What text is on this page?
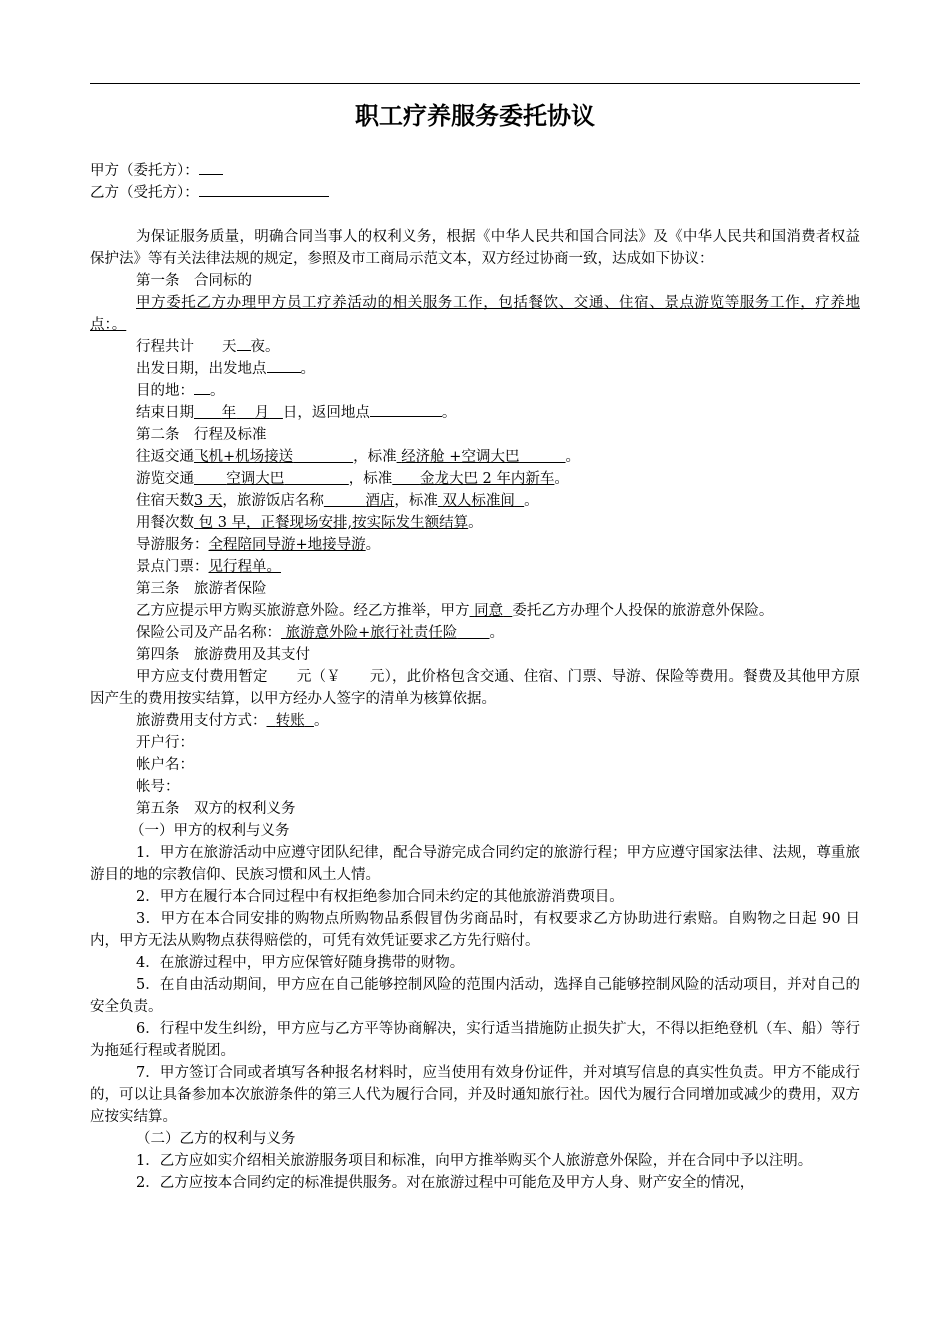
职工疗养服务委托协议

甲方（委托方）：

乙方（受托方）：

为保证服务质量，明确合同当事人的权利义务，根据《中华人民共和国合同法》及《中华人民共和国消费者权益保护法》等有关法律法规的规定，参照及市工商局示范文本，双方经过协商一致，达成如下协议：

第一条　合同标的

甲方委托乙方办理甲方员工疗养活动的相关服务工作，包括餐饮、交通、住宿、景点游览等服务工作，疗养地点：。

行程共计 天 夜。

出发日期，出发地点 。

目的地： 。

结束日期 年 月 日，返回地点	。

第二条　行程及标准

往返交通飞机+机场接送	，标准 经济舱 +空调大巴	。

游览交通 空调大巴	，标准 金龙大巴 2 年内新车。

住宿天数3 天，旅游饭店名称	酒店，标准 双人标准间 。

用餐次数 包 3 早，正餐现场安排,按实际发生额结算。

导游服务：全程陪同导游+地接导游。

景点门票：见行程单。

第三条　旅游者保险

乙方应提示甲方购买旅游意外险。经乙方推举，甲方 同意 委托乙方办理个人投保的旅游意外保险。

保险公司及产品名称： 旅游意外险+旅行社责任险 。

第四条　旅游费用及其支付

甲方应支付费用暂定　　元（￥　　元），此价格包含交通、住宿、门票、导游、保险等费用。餐费及其他甲方原因产生的费用按实结算，以甲方经办人签字的清单为核算依据。

旅游费用支付方式： 转账 。

开户行：

帐户名：

帐号：

第五条　双方的权利义务

（一）甲方的权利与义务

1．甲方在旅游活动中应遵守团队纪律，配合导游完成合同约定的旅游行程；甲方应遵守国家法律、法规，尊重旅游目的地的宗教信仰、民族习惯和风土人情。

2．甲方在履行本合同过程中有权拒绝参加合同未约定的其他旅游消费项目。

3．甲方在本合同安排的购物点所购物品系假冒伪劣商品时，有权要求乙方协助进行索赔。自购物之日起 90 日内，甲方无法从购物点获得赔偿的，可凭有效凭证要求乙方先行赔付。

4．在旅游过程中，甲方应保管好随身携带的财物。

5．在自由活动期间，甲方应在自己能够控制风险的范围内活动，选择自己能够控制风险的活动项目，并对自己的安全负责。

6．行程中发生纠纷，甲方应与乙方平等协商解决，实行适当措施防止损失扩大，不得以拒绝登机（车、船）等行为拖延行程或者脱团。

7．甲方签订合同或者填写各种报名材料时，应当使用有效身份证件，并对填写信息的真实性负责。甲方不能成行的，可以让具备参加本次旅游条件的第三人代为履行合同，并及时通知旅行社。因代为履行合同增加或减少的费用，双方应按实结算。

（二）乙方的权利与义务

1．乙方应如实介绍相关旅游服务项目和标准，向甲方推举购买个人旅游意外保险，并在合同中予以注明。

2．乙方应按本合同约定的标准提供服务。对在旅游过程中可能危及甲方人身、财产安全的情况，
